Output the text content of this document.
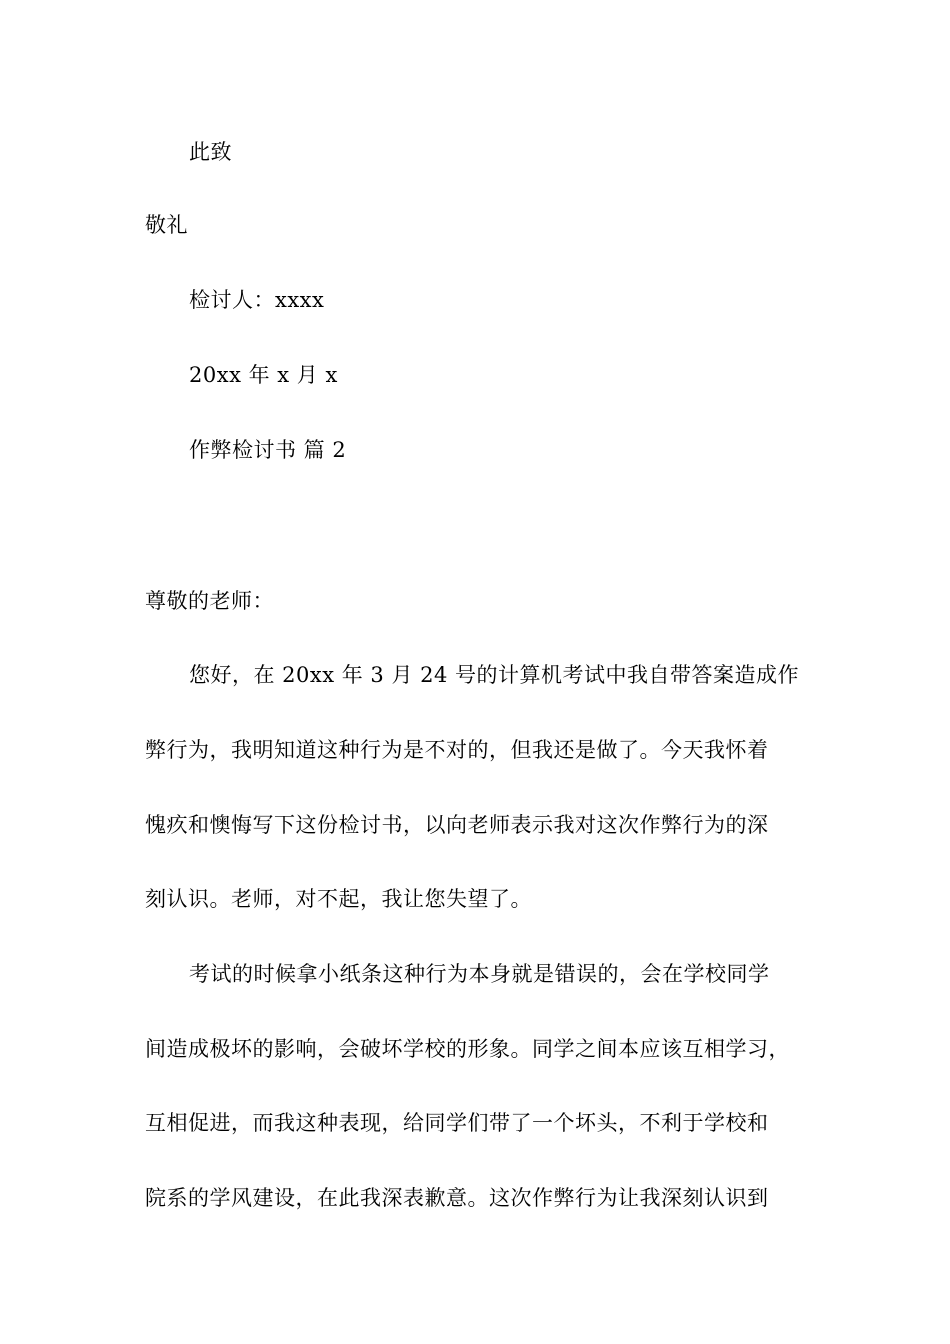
此致
敬礼
检讨人：xxxx
20xx 年 x 月 x
作弊检讨书 篇 2
尊敬的老师：
您好，在 20xx 年 3 月 24 号的计算机考试中我自带答案造成作
弊行为，我明知道这种行为是不对的，但我还是做了。今天我怀着
愧疚和懊悔写下这份检讨书，以向老师表示我对这次作弊行为的深
刻认识。老师，对不起，我让您失望了。
考试的时候拿小纸条这种行为本身就是错误的，会在学校同学
间造成极坏的影响，会破坏学校的形象。同学之间本应该互相学习，
互相促进，而我这种表现，给同学们带了一个坏头，不利于学校和
院系的学风建设，在此我深表歉意。这次作弊行为让我深刻认识到
